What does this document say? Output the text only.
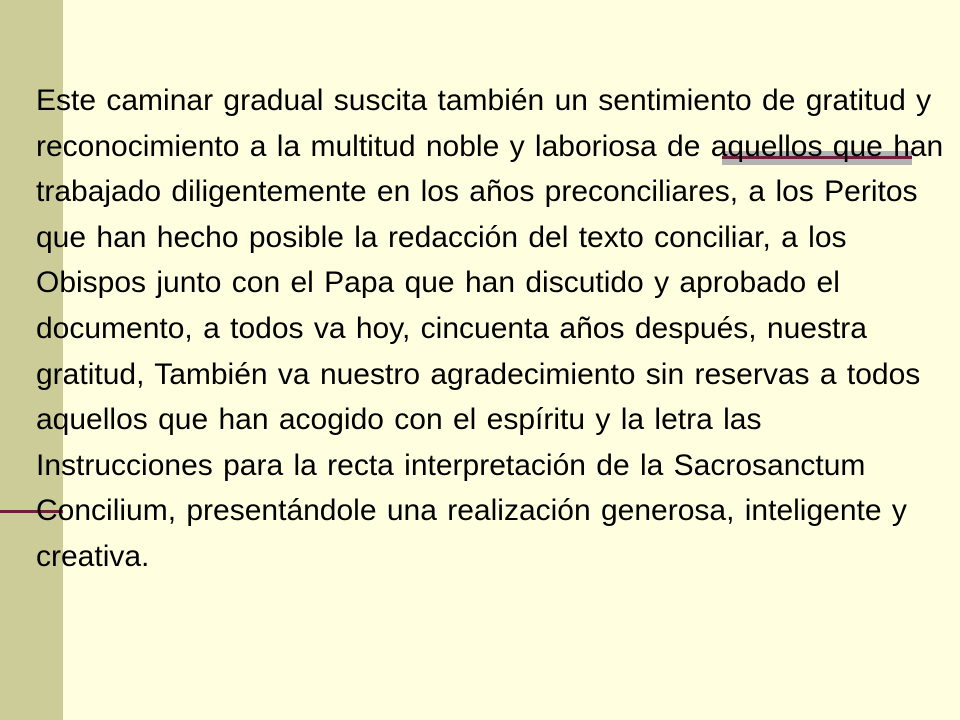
Este caminar gradual suscita también un sentimiento de gratitud y reconocimiento a la multitud noble y laboriosa de aquellos que han trabajado diligentemente en los años preconciliares, a los Peritos que han hecho posible la redacción del texto conciliar, a los Obispos junto con el Papa que han discutido y aprobado el documento, a todos va hoy, cincuenta años después, nuestra gratitud, También va nuestro agradecimiento sin reservas a todos aquellos que han acogido con el espíritu y la letra las Instrucciones para la recta interpretación de la Sacrosanctum Concilium, presentándole una realización generosa, inteligente y creativa.
